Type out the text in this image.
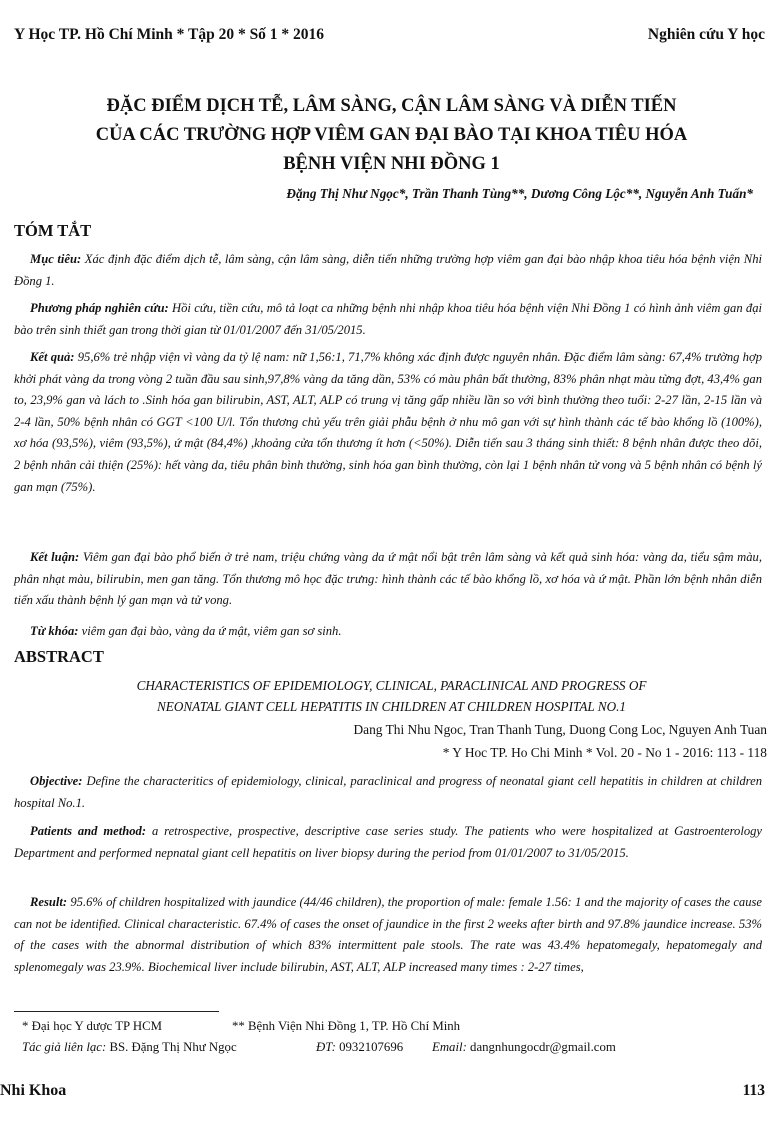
Y Học TP. Hồ Chí Minh * Tập 20 * Số 1 * 2016	Nghiên cứu Y học
ĐẶC ĐIỂM DỊCH TỄ, LÂM SÀNG, CẬN LÂM SÀNG VÀ DIỄN TIẾN
CỦA CÁC TRƯỜNG HỢP VIÊM GAN ĐẠI BÀO TẠI KHOA TIÊU HÓA
BỆNH VIỆN NHI ĐỒNG 1
Đặng Thị Như Ngọc*, Trần Thanh Tùng**, Dương Công Lộc**, Nguyễn Anh Tuấn*
TÓM TẮT
Mục tiêu: Xác định đặc điểm dịch tễ, lâm sàng, cận lâm sàng, diễn tiến những trường hợp viêm gan đại bào nhập khoa tiêu hóa bệnh viện Nhi Đồng 1.
Phương pháp nghiên cứu: Hồi cứu, tiền cứu, mô tả loạt ca những bệnh nhi nhập khoa tiêu hóa bệnh viện Nhi Đồng 1 có hình ảnh viêm gan đại bào trên sinh thiết gan trong thời gian từ 01/01/2007 đến 31/05/2015.
Kết quả: 95,6% trẻ nhập viện vì vàng da tỷ lệ nam: nữ 1,56:1, 71,7% không xác định được nguyên nhân. Đặc điểm lâm sàng: 67,4% trường hợp khởi phát vàng da trong vòng 2 tuần đầu sau sinh,97,8% vàng da tăng dần, 53% có màu phân bất thường, 83% phân nhạt màu từng đợt, 43,4% gan to, 23,9% gan và lách to .Sinh hóa gan bilirubin, AST, ALT, ALP có trung vị tăng gấp nhiều lần so với bình thường theo tuổi: 2-27 lần, 2-15 lần và 2-4 lần, 50% bệnh nhân có GGT <100 U/l. Tổn thương chủ yếu trên giải phẫu bệnh ở nhu mô gan với sự hình thành các tế bào khổng lồ (100%), xơ hóa (93,5%), viêm (93,5%), ứ mật (84,4%) ,khoảng cửa tổn thương ít hơn (<50%). Diễn tiến sau 3 tháng sinh thiết: 8 bệnh nhân được theo dõi, 2 bệnh nhân cải thiện (25%): hết vàng da, tiêu phân bình thường, sinh hóa gan bình thường, còn lại 1 bệnh nhân tử vong và 5 bệnh nhân có bệnh lý gan mạn (75%).
Kết luận: Viêm gan đại bào phổ biến ở trẻ nam, triệu chứng vàng da ứ mật nổi bật trên lâm sàng và kết quả sinh hóa: vàng da, tiểu sậm màu, phân nhạt màu, bilirubin, men gan tăng. Tổn thương mô học đặc trưng: hình thành các tế bào khổng lồ, xơ hóa và ứ mật. Phần lớn bệnh nhân diễn tiến xấu thành bệnh lý gan mạn và tử vong.
Từ khóa: viêm gan đại bào, vàng da ứ mật, viêm gan sơ sinh.
ABSTRACT
CHARACTERISTICS OF EPIDEMIOLOGY, CLINICAL, PARACLINICAL AND PROGRESS OF
NEONATAL GIANT CELL HEPATITIS IN CHILDREN AT CHILDREN HOSPITAL NO.1
Dang Thi Nhu Ngoc, Tran Thanh Tung, Duong Cong Loc, Nguyen Anh Tuan
* Y Hoc TP. Ho Chi Minh * Vol. 20 - No 1 - 2016: 113 - 118
Objective: Define the characteritics of epidemiology, clinical, paraclinical and progress of neonatal giant cell hepatitis in children at children hospital No.1.
Patients and method: a retrospective, prospective, descriptive case series study. The patients who were hospitalized at Gastroenterology Department and performed nepnatal giant cell hepatitis on liver biopsy during the period from 01/01/2007 to 31/05/2015.
Result: 95.6% of children hospitalized with jaundice (44/46 children), the proportion of male: female 1.56: 1 and the majority of cases the cause can not be identified. Clinical characteristic. 67.4% of cases the onset of jaundice in the first 2 weeks after birth and 97.8% jaundice increase. 53% of the cases with the abnormal distribution of which 83% intermittent pale stools. The rate was 43.4% hepatomegaly, hepatomegaly and splenomegaly was 23.9%. Biochemical liver include bilirubin, AST, ALT, ALP increased many times : 2-27 times,
* Đại học Y dược TP HCM	** Bệnh Viện Nhi Đồng 1, TP. Hồ Chí Minh
Tác giả liên lạc: BS. Đặng Thị Như Ngọc	ĐT: 0932107696 Email: dangnhungocdr@gmail.com
Nhi Khoa	113
